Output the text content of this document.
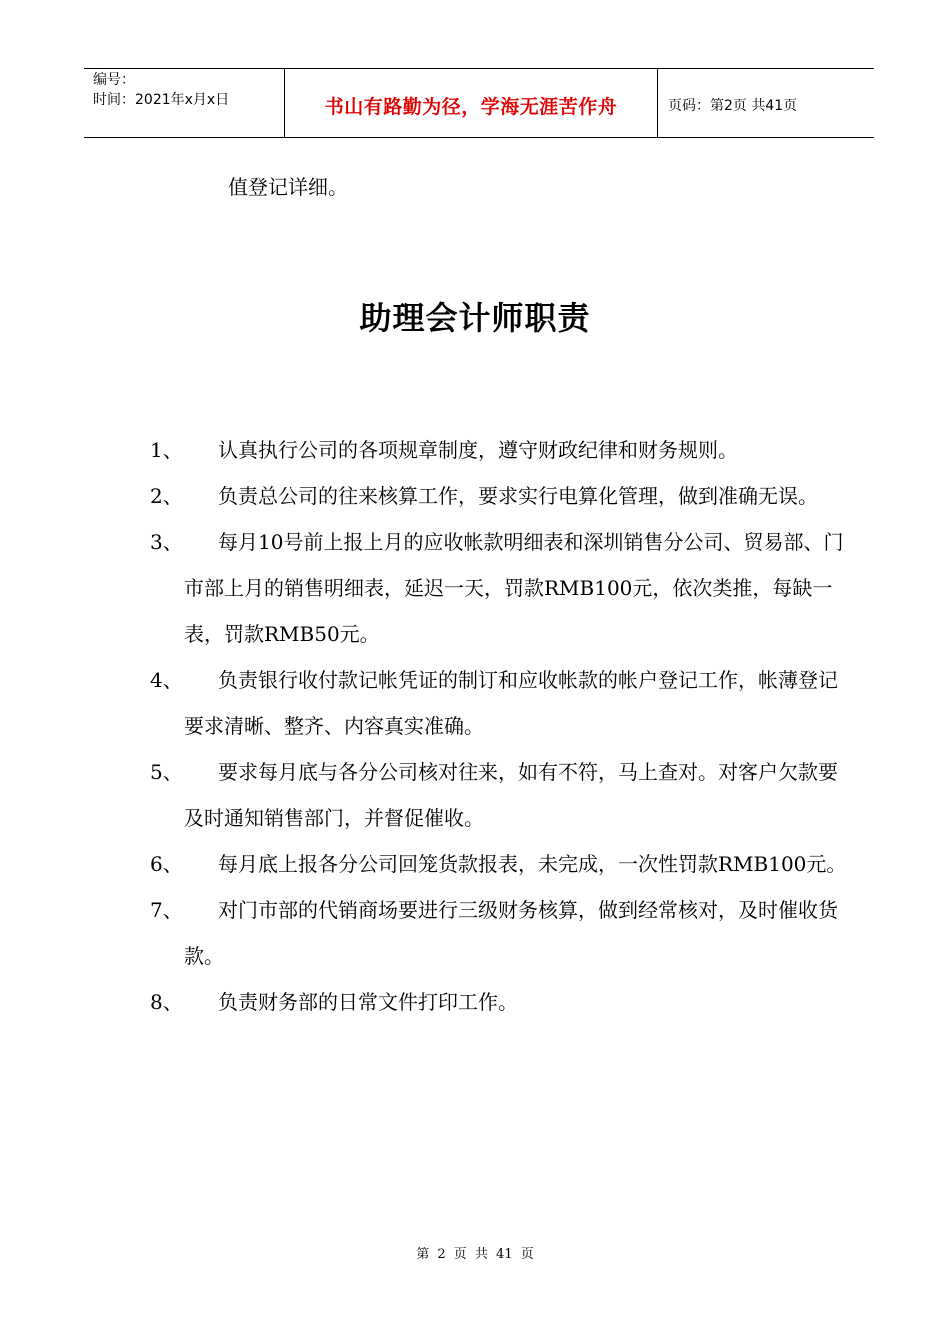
编号：
时间：2021年x月x日	书山有路勤为径，学海无涯苦作舟	页码：第2页 共41页
值登记详细。
助理会计师职责
1、	认真执行公司的各项规章制度，遵守财政纪律和财务规则。
2、	负责总公司的往来核算工作，要求实行电算化管理，做到准确无误。
3、	每月10号前上报上月的应收帐款明细表和深圳销售分公司、贸易部、门市部上月的销售明细表，延迟一天，罚款RMB100元，依次类推，每缺一表，罚款RMB50元。
4、	负责银行收付款记帐凭证的制订和应收帐款的帐户登记工作，帐薄登记要求清晰、整齐、内容真实准确。
5、	要求每月底与各分公司核对往来，如有不符，马上查对。对客户欠款要及时通知销售部门，并督促催收。
6、	每月底上报各分公司回笼货款报表，未完成，一次性罚款RMB100元。
7、	对门市部的代销商场要进行三级财务核算，做到经常核对，及时催收货款。
8、	负责财务部的日常文件打印工作。
第 2 页 共 41 页
